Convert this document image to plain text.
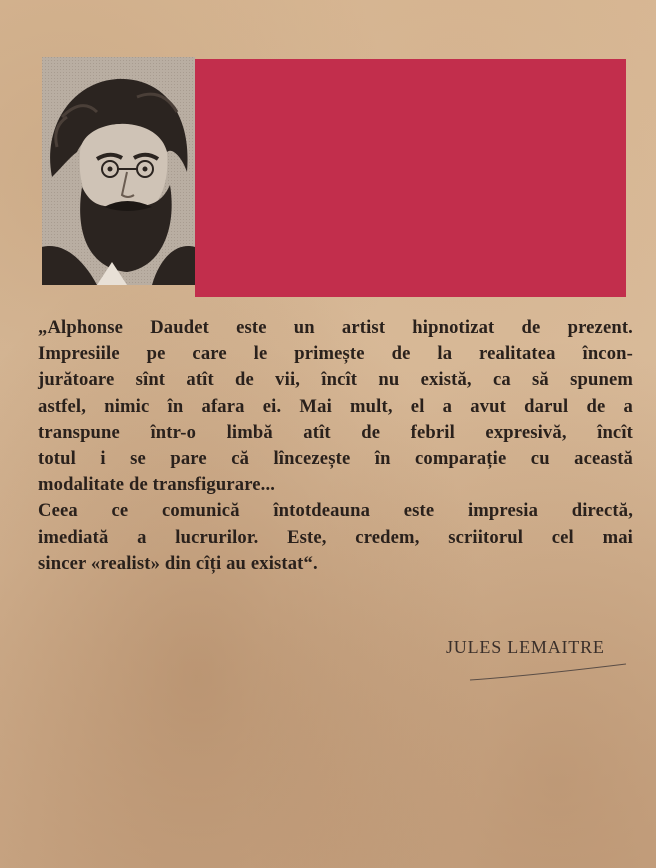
„Alphonse Daudet este un artist hipnotizat de prezent.
Impresiile pe care le primește de la realitatea încon-
jurătoare sînt atît de vii, încît nu există, ca să spunem
astfel, nimic în afara ei. Mai mult, el a avut darul de a
transpune într-o limbă atît de febril expresivă, încît
totul i se pare că lîncezește în comparație cu această
modalitate de transfigurare...
Ceea ce comunică întotdeauna este impresia directă,
imediată a lucrurilor. Este, credem, scriitorul cel mai
sincer «realist» din cîți au existat“.
JULES LEMAITRE
